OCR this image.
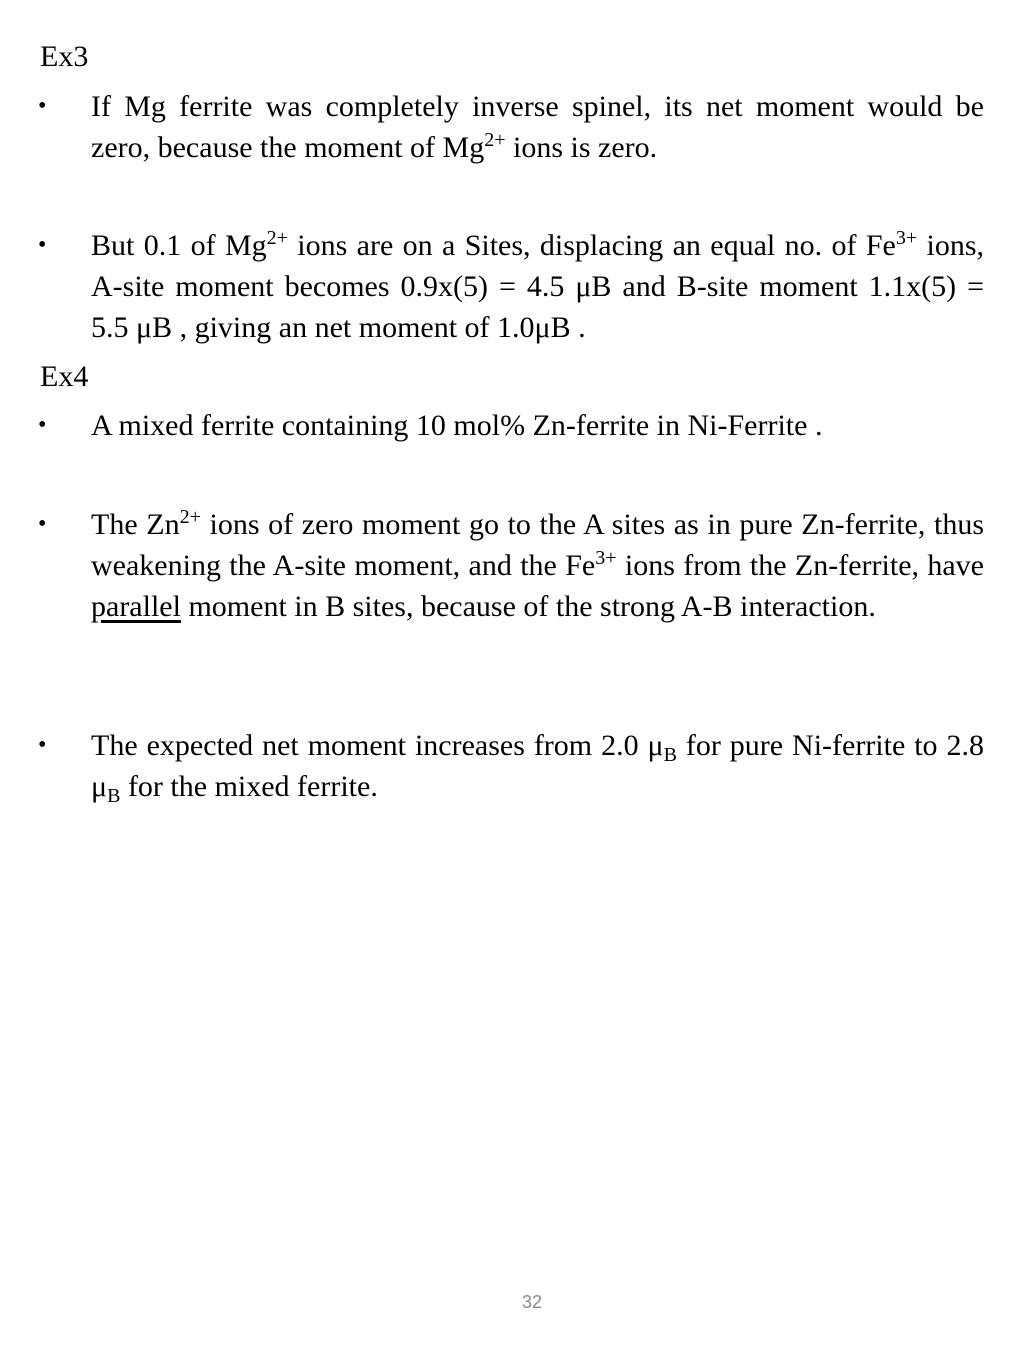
Ex3
• If Mg ferrite was completely inverse spinel, its net moment would be zero, because the moment of $Mg^{2+}$ ions is zero.
• But 0.1 of $Mg^{2+}$ ions are on a Sites, displacing an equal no. of $Fe^{3+}$ ions, A-site moment becomes 0.9x(5) = 4.5 μB and B-site moment 1.1x(5) = 5.5 μB , giving an net moment of 1.0μB .
Ex4
• A mixed ferrite containing 10 mol% Zn-ferrite in Ni-Ferrite .
• The $Zn^{2+}$ ions of zero moment go to the A sites as in pure Zn-ferrite, thus weakening the A-site moment, and the $Fe^{3+}$ ions from the Zn-ferrite, have parallel moment in B sites, because of the strong A-B interaction.
• The expected net moment increases from 2.0 $\mu_B$ for pure Ni-ferrite to 2.8 $\mu_B$ for the mixed ferrite.
32
